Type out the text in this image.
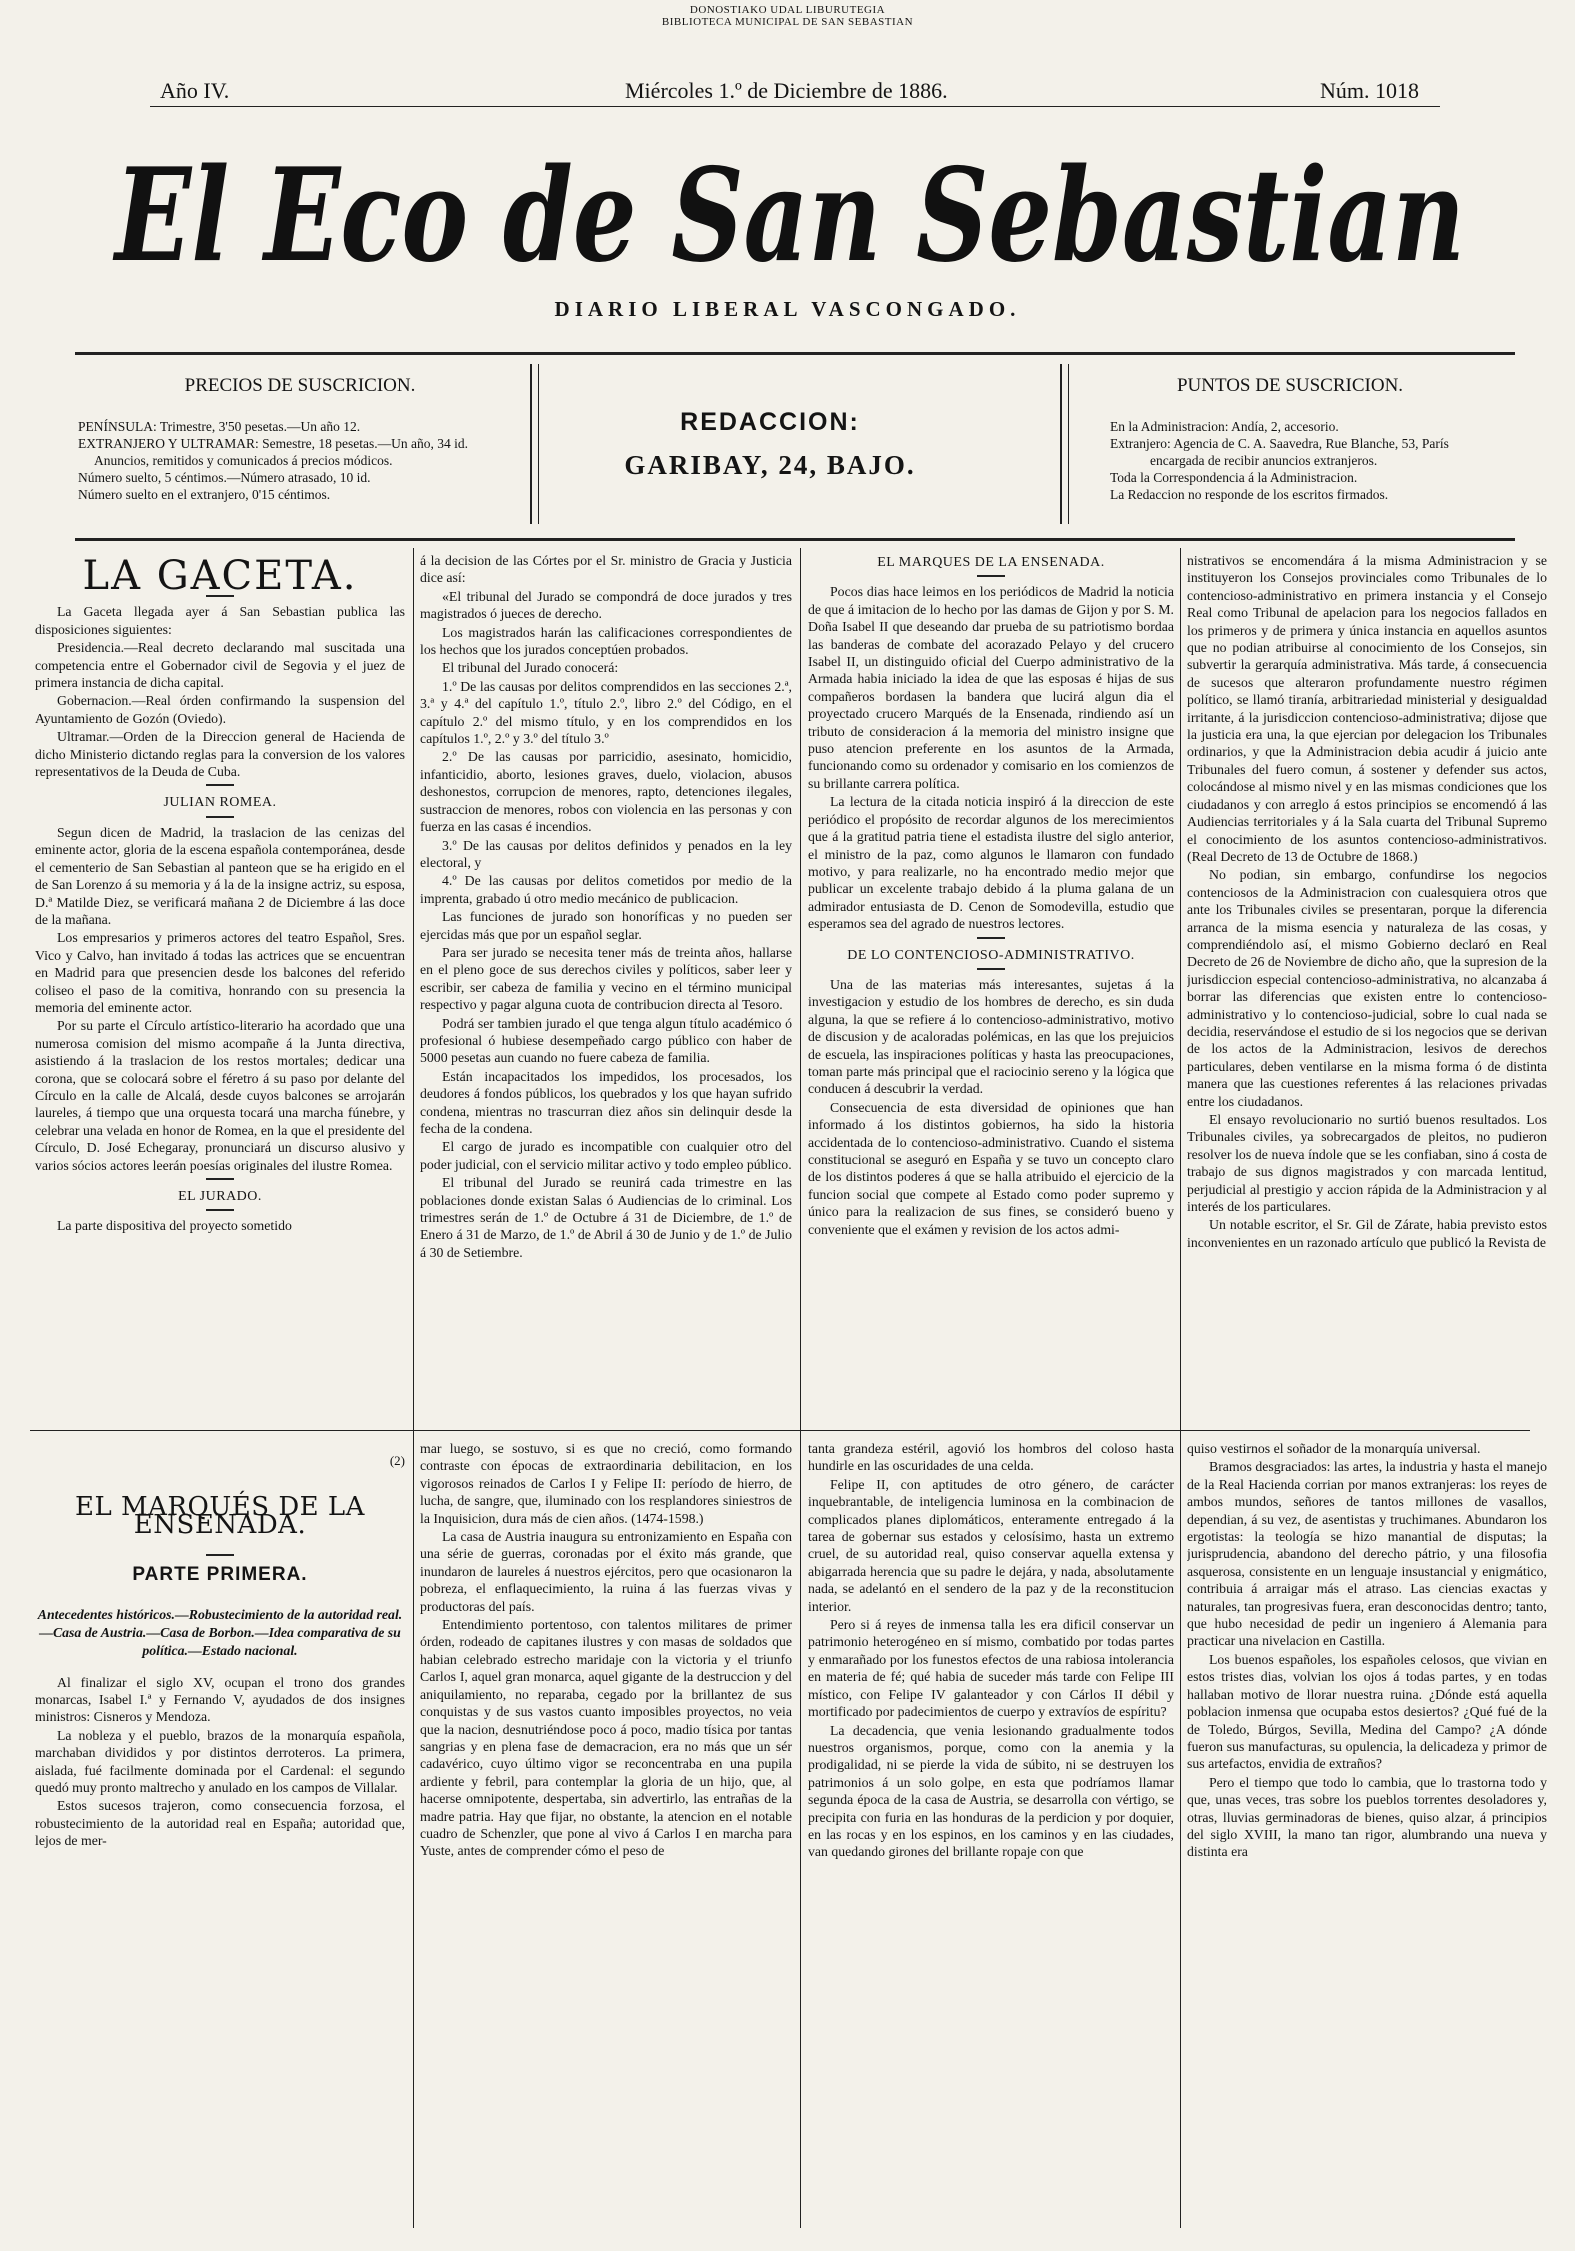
DONOSTIAKO UDAL LIBURUTEGIA
BIBLIOTECA MUNICIPAL DE SAN SEBASTIAN
Año IV.	Miércoles 1.º de Diciembre de 1886.	Núm. 1018
El Eco de San Sebastian
DIARIO LIBERAL VASCONGADO.
PRECIOS DE SUSCRICION.
PENÍNSULA: Trimestre, 3'50 pesetas.—Un año 12.
EXTRANJERO Y ULTRAMAR: Semestre, 18 pesetas.—Un año, 34 id.
Anuncios, remitidos y comunicados á precios módicos.
Número suelto, 5 céntimos.—Número atrasado, 10 id.
Número suelto en el extranjero, 0'15 céntimos.
REDACCION:
GARIBAY, 24, BAJO.
PUNTOS DE SUSCRICION.
En la Administracion: Andía, 2, accesorio.
Extranjero: Agencia de C. A. Saavedra, Rue Blanche, 53, París
encargada de recibir anuncios extranjeros.
Toda la Correspondencia á la Administracion.
La Redaccion no responde de los escritos firmados.
LA GACETA.

La Gaceta llegada ayer á San Sebastian publica las disposiciones siguientes:

Presidencia.—Real decreto declarando mal suscitada una competencia entre el Gobernador civil de Segovia y el juez de primera instancia de dicha capital.

Gobernacion.—Real órden confirmando la suspension del Ayuntamiento de Gozón (Oviedo).

Ultramar.—Orden de la Direccion general de Hacienda de dicho Ministerio dictando reglas para la conversion de los valores representativos de la Deuda de Cuba.

JULIAN ROMEA.

Segun dicen de Madrid, la traslacion de las cenizas del eminente actor, gloria de la escena española contemporánea, desde el cementerio de San Sebastian al panteon que se ha erigido en el de San Lorenzo á su memoria y á la de la insigne actriz, su esposa, D.ª Matilde Diez, se verificará mañana 2 de Diciembre á las doce de la mañana.

Los empresarios y primeros actores del teatro Español, Sres. Vico y Calvo, han invitado á todas las actrices que se encuentran en Madrid para que presencien desde los balcones del referido coliseo el paso de la comitiva, honrando con su presencia la memoria del eminente actor.

Por su parte el Círculo artístico-literario ha acordado que una numerosa comision del mismo acompañe á la Junta directiva, asistiendo á la traslacion de los restos mortales; dedicar una corona, que se colocará sobre el féretro á su paso por delante del Círculo en la calle de Alcalá, desde cuyos balcones se arrojarán laureles, á tiempo que una orquesta tocará una marcha fúnebre, y celebrar una velada en honor de Romea, en la que el presidente del Círculo, D. José Echegaray, pronunciará un discurso alusivo y varios sócios actores leerán poesías originales del ilustre Romea.

EL JURADO.

La parte dispositiva del proyecto sometido

á la decision de las Córtes por el Sr. ministro de Gracia y Justicia dice así:

«El tribunal del Jurado se compondrá de doce jurados y tres magistrados ó jueces de derecho.

Los magistrados harán las calificaciones correspondientes de los hechos que los jurados conceptúen probados.

El tribunal del Jurado conocerá:

1.º De las causas por delitos comprendidos en las secciones 2.ª, 3.ª y 4.ª del capítulo 1.º, título 2.º, libro 2.º del Código, en el capítulo 2.º del mismo título, y en los comprendidos en los capítulos 1.º, 2.º y 3.º del título 3.º

2.º De las causas por parricidio, asesinato, homicidio, infanticidio, aborto, lesiones graves, duelo, violacion, abusos deshonestos, corrupcion de menores, rapto, detenciones ilegales, sustraccion de menores, robos con violencia en las personas y con fuerza en las casas é incendios.

3.º De las causas por delitos definidos y penados en la ley electoral, y

4.º De las causas por delitos cometidos por medio de la imprenta, grabado ú otro medio mecánico de publicacion.

Las funciones de jurado son honoríficas y no pueden ser ejercidas más que por un español seglar.

Para ser jurado se necesita tener más de treinta años, hallarse en el pleno goce de sus derechos civiles y políticos, saber leer y escribir, ser cabeza de familia y vecino en el término municipal respectivo y pagar alguna cuota de contribucion directa al Tesoro.

Podrá ser tambien jurado el que tenga algun título académico ó profesional ó hubiese desempeñado cargo público con haber de 5000 pesetas aun cuando no fuere cabeza de familia.

Están incapacitados los impedidos, los procesados, los deudores á fondos públicos, los quebrados y los que hayan sufrido condena, mientras no trascurran diez años sin delinquir desde la fecha de la condena.

El cargo de jurado es incompatible con cualquier otro del poder judicial, con el servicio militar activo y todo empleo público.

El tribunal del Jurado se reunirá cada trimestre en las poblaciones donde existan Salas ó Audiencias de lo criminal. Los trimestres serán de 1.º de Octubre á 31 de Diciembre, de 1.º de Enero á 31 de Marzo, de 1.º de Abril á 30 de Junio y de 1.º de Julio á 30 de Setiembre.

EL MARQUES DE LA ENSENADA.

Pocos dias hace leimos en los periódicos de Madrid la noticia de que á imitacion de lo hecho por las damas de Gijon y por S. M. Doña Isabel II que deseando dar prueba de su patriotismo bordaa las banderas de combate del acorazado Pelayo y del crucero Isabel II, un distinguido oficial del Cuerpo administrativo de la Armada habia iniciado la idea de que las esposas é hijas de sus compañeros bordasen la bandera que lucirá algun dia el proyectado crucero Marqués de la Ensenada, rindiendo así un tributo de consideracion á la memoria del ministro insigne que puso atencion preferente en los asuntos de la Armada, funcionando como su ordenador y comisario en los comienzos de su brillante carrera política.

La lectura de la citada noticia inspiró á la direccion de este periódico el propósito de recordar algunos de los merecimientos que á la gratitud patria tiene el estadista ilustre del siglo anterior, el ministro de la paz, como algunos le llamaron con fundado motivo, y para realizarle, no ha encontrado medio mejor que publicar un excelente trabajo debido á la pluma galana de un admirador entusiasta de D. Cenon de Somodevilla, estudio que esperamos sea del agrado de nuestros lectores.

DE LO CONTENCIOSO-ADMINISTRATIVO.

Una de las materias más interesantes, sujetas á la investigacion y estudio de los hombres de derecho, es sin duda alguna, la que se refiere á lo contencioso-administrativo, motivo de discusion y de acaloradas polémicas, en las que los prejuicios de escuela, las inspiraciones políticas y hasta las preocupaciones, toman parte más principal que el raciocinio sereno y la lógica que conducen á descubrir la verdad.

Consecuencia de esta diversidad de opiniones que han informado á los distintos gobiernos, ha sido la historia accidentada de lo contencioso-administrativo. Cuando el sistema constitucional se aseguró en España y se tuvo un concepto claro de los distintos poderes á que se halla atribuido el ejercicio de la funcion social que compete al Estado como poder supremo y único para la realizacion de sus fines, se consideró bueno y conveniente que el exámen y revision de los actos admi-

nistrativos se encomendára á la misma Administracion y se instituyeron los Consejos provinciales como Tribunales de lo contencioso-administrativo en primera instancia y el Consejo Real como Tribunal de apelacion para los negocios fallados en los primeros y de primera y única instancia en aquellos asuntos que no podian atribuirse al conocimiento de los Consejos, sin subvertir la gerarquía administrativa. Más tarde, á consecuencia de sucesos que alteraron profundamente nuestro régimen político, se llamó tiranía, arbitrariedad ministerial y desigualdad irritante, á la jurisdiccion contencioso-administrativa; dijose que la justicia era una, la que ejercian por delegacion los Tribunales ordinarios, y que la Administracion debia acudir á juicio ante Tribunales del fuero comun, á sostener y defender sus actos, colocándose al mismo nivel y en las mismas condiciones que los ciudadanos y con arreglo á estos principios se encomendó á las Audiencias territoriales y á la Sala cuarta del Tribunal Supremo el conocimiento de los asuntos contencioso-administrativos. (Real Decreto de 13 de Octubre de 1868.)

No podian, sin embargo, confundirse los negocios contenciosos de la Administracion con cualesquiera otros que ante los Tribunales civiles se presentaran, porque la diferencia arranca de la misma esencia y naturaleza de las cosas, y comprendiéndolo así, el mismo Gobierno declaró en Real Decreto de 26 de Noviembre de dicho año, que la supresion de la jurisdiccion especial contencioso-administrativa, no alcanzaba á borrar las diferencias que existen entre lo contencioso-administrativo y lo contencioso-judicial, sobre lo cual nada se decidia, reservándose el estudio de si los negocios que se derivan de los actos de la Administracion, lesivos de derechos particulares, deben ventilarse en la misma forma ó de distinta manera que las cuestiones referentes á las relaciones privadas entre los ciudadanos.

El ensayo revolucionario no surtió buenos resultados. Los Tribunales civiles, ya sobrecargados de pleitos, no pudieron resolver los de nueva índole que se les confiaban, sino á costa de trabajo de sus dignos magistrados y con marcada lentitud, perjudicial al prestigio y accion rápida de la Administracion y al interés de los particulares.

Un notable escritor, el Sr. Gil de Zárate, habia previsto estos inconvenientes en un razonado artículo que publicó la Revista de

(2)
EL MARQUÉS DE LA ENSENADA.
PARTE PRIMERA.
Antecedentes históricos.—Robustecimiento de la autoridad real.—Casa de Austria.—Casa de Borbon.—Idea comparativa de su política.—Estado nacional.

Al finalizar el siglo XV, ocupan el trono dos grandes monarcas, Isabel I.ª y Fernando V, ayudados de dos insignes ministros: Cisneros y Mendoza.

La nobleza y el pueblo, brazos de la monarquía española, marchaban divididos y por distintos derroteros. La primera, aislada, fué facilmente dominada por el Cardenal: el segundo quedó muy pronto maltrecho y anulado en los campos de Villalar.

Estos sucesos trajeron, como consecuencia forzosa, el robustecimiento de la autoridad real en España; autoridad que, lejos de mer-

mar luego, se sostuvo, si es que no creció, como formando contraste con épocas de extraordinaria debilitacion, en los vigorosos reinados de Carlos I y Felipe II: período de hierro, de lucha, de sangre, que, iluminado con los resplandores siniestros de la Inquisicion, dura más de cien años. (1474-1598.)

La casa de Austria inaugura su entronizamiento en España con una série de guerras, coronadas por el éxito más grande, que inundaron de laureles á nuestros ejércitos, pero que ocasionaron la pobreza, el enflaquecimiento, la ruina á las fuerzas vivas y productoras del país.

Entendimiento portentoso, con talentos militares de primer órden, rodeado de capitanes ilustres y con masas de soldados que habian celebrado estrecho maridaje con la victoria y el triunfo Carlos I, aquel gran monarca, aquel gigante de la destruccion y del aniquilamiento, no reparaba, cegado por la brillantez de sus conquistas y de sus vastos cuanto imposibles proyectos, no veia que la nacion, desnutriéndose poco á poco, madio tísica por tantas sangrias y en plena fase de demacracion, era no más que un sér cadavérico, cuyo último vigor se reconcentraba en una pupila ardiente y febril, para contemplar la gloria de un hijo, que, al hacerse omnipotente, despertaba, sin advertirlo, las entrañas de la madre patria. Hay que fijar, no obstante, la atencion en el notable cuadro de Schenzler, que pone al vivo á Carlos I en marcha para Yuste, antes de comprender cómo el peso de

tanta grandeza estéril, agovió los hombros del coloso hasta hundirle en las oscuridades de una celda.

Felipe II, con aptitudes de otro género, de carácter inquebrantable, de inteligencia luminosa en la combinacion de complicados planes diplomáticos, enteramente entregado á la tarea de gobernar sus estados y celosísimo, hasta un extremo cruel, de su autoridad real, quiso conservar aquella extensa y abigarrada herencia que su padre le dejára, y nada, absolutamente nada, se adelantó en el sendero de la paz y de la reconstitucion interior.

Pero si á reyes de inmensa talla les era dificil conservar un patrimonio heterogéneo en sí mismo, combatido por todas partes y enmarañado por los funestos efectos de una rabiosa intolerancia en materia de fé; qué habia de suceder más tarde con Felipe III místico, con Felipe IV galanteador y con Cárlos II débil y mortificado por padecimientos de cuerpo y extravíos de espíritu?

La decadencia, que venia lesionando gradualmente todos nuestros organismos, porque, como con la anemia y la prodigalidad, ni se pierde la vida de súbito, ni se destruyen los patrimonios á un solo golpe, en esta que podríamos llamar segunda época de la casa de Austria, se desarrolla con vértigo, se precipita con furia en las honduras de la perdicion y por doquier, en las rocas y en los espinos, en los caminos y en las ciudades, van quedando girones del brillante ropaje con que

quiso vestirnos el soñador de la monarquía universal.

Bramos desgraciados: las artes, la industria y hasta el manejo de la Real Hacienda corrian por manos extranjeras: los reyes de ambos mundos, señores de tantos millones de vasallos, dependian, á su vez, de asentistas y truchimanes. Abundaron los ergotistas: la teología se hizo manantial de disputas; la jurisprudencia, abandono del derecho pátrio, y una filosofia asquerosa, consistente en un lenguaje insustancial y enigmático, contribuia á arraigar más el atraso. Las ciencias exactas y naturales, tan progresivas fuera, eran desconocidas dentro; tanto, que hubo necesidad de pedir un ingeniero á Alemania para practicar una nivelacion en Castilla.

Los buenos españoles, los españoles celosos, que vivian en estos tristes dias, volvian los ojos á todas partes, y en todas hallaban motivo de llorar nuestra ruina. ¿Dónde está aquella poblacion inmensa que ocupaba estos desiertos? ¿Qué fué de la de Toledo, Búrgos, Sevilla, Medina del Campo? ¿A dónde fueron sus manufacturas, su opulencia, la delicadeza y primor de sus artefactos, envidia de extraños?

Pero el tiempo que todo lo cambia, que lo trastorna todo y que, unas veces, tras sobre los pueblos torrentes desoladores y, otras, lluvias germinadoras de bienes, quiso alzar, á principios del siglo XVIII, la mano tan rigor, alumbrando una nueva y distinta era
